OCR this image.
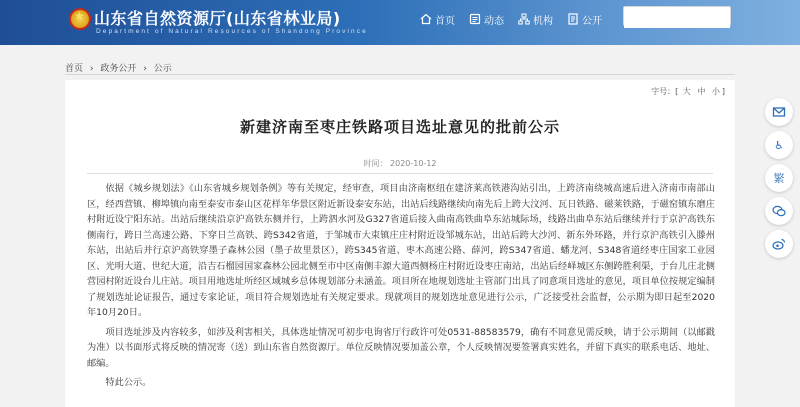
★
山东省自然资源厅(山东省林业局)
Department of Natural Resources of Shandong Province
首页	动态	机构	公开
首页 › 政务公开 › 公示
字号：[ 大 中 小 ]
新建济南至枣庄铁路项目选址意见的批前公示
时间： 2020-10-12

依据《城乡规划法》《山东省城乡规划条例》等有关规定，经审查，项目由济南枢纽在建济莱高铁港沟站引出，上跨济南绕城高速后进入济南市南部山区，经西营镇、柳埠镇向南至泰安市泰山区花样年华景区附近新设泰安东站，出站后线路继续向南先后上跨大汶河、瓦日铁路、磁莱铁路，于磁窑镇东磨庄村附近设宁阳东站。出站后继续沿京沪高铁东侧并行，上跨泗水河及G327省道后接入曲南高铁曲阜东站城际场，线路出曲阜东站后继续并行于京沪高铁东侧南行，跨日兰高速公路、下穿日兰高铁、跨S342省道，于邹城市大束镇庄庄村附近设邹城东站，出站后跨大沙河、新东外环路，并行京沪高铁引入滕州东站，出站后并行京沪高铁穿墨子森林公园（墨子故里景区），跨S345省道、枣木高速公路、薛河，跨S347省道、蟠龙河、S348省道经枣庄国家工业园区、光明大道、世纪大道，沿吉石榴园国家森林公园北侧至市中区南侧丰源大道西侧杨庄村附近设枣庄南站，出站后经峄城区东侧跨胜利渠，于台儿庄北侧营园村附近设台儿庄站。项目用地选址所经区域城乡总体规划部分未涵盖。项目所在地规划选址主管部门出具了同意项目选址的意见，项目单位按规定编制了规划选址论证报告，通过专家论证，项目符合规划选址有关规定要求。现就项目的规划选址意见进行公示，广泛接受社会监督，公示期为即日起至2020年10月20日。

项目选址涉及内容较多，如涉及利害相关，具体选址情况可初步电询省厅行政许可处0531-88583579，确有不同意见需反映，请于公示期间（以邮戳为准）以书面形式将反映的情况寄（送）到山东省自然资源厅。单位反映情况要加盖公章，个人反映情况要签署真实姓名，并留下真实的联系电话、地址、邮编。

特此公示。

♿
繁
